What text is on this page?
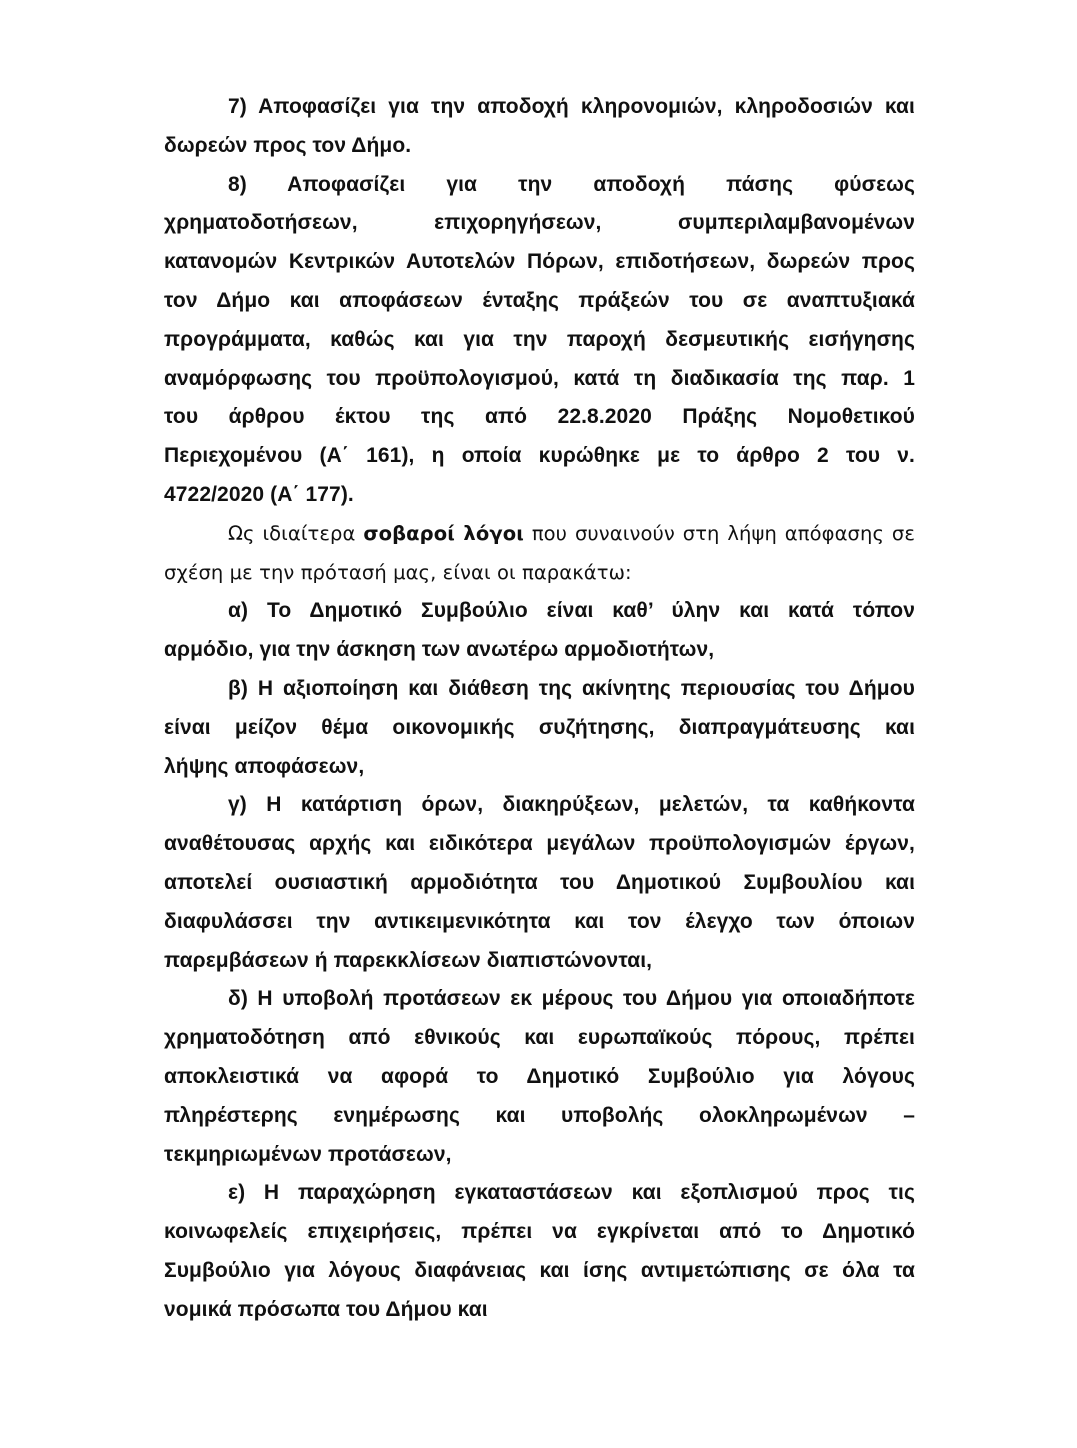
7) Αποφασίζει για την αποδοχή κληρονομιών, κληροδοσιών και
δωρεών προς τον Δήμο.
8) Αποφασίζει για την αποδοχή πάσης φύσεως
χρηματοδοτήσεων, επιχορηγήσεων, συμπεριλαμβανομένων
κατανομών Κεντρικών Αυτοτελών Πόρων, επιδοτήσεων, δωρεών προς
τον Δήμο και αποφάσεων ένταξης πράξεών του σε αναπτυξιακά
προγράμματα, καθώς και για την παροχή δεσμευτικής εισήγησης
αναμόρφωσης του προϋπολογισμού, κατά τη διαδικασία της παρ. 1
του άρθρου έκτου της από 22.8.2020 Πράξης Νομοθετικού
Περιεχομένου (Α΄ 161), η οποία κυρώθηκε με το άρθρο 2 του ν.
4722/2020 (Α΄ 177).
Ως ιδιαίτερα σοβαροί λόγοι που συναινούν στη λήψη απόφασης σε
σχέση με την πρότασή μας, είναι οι παρακάτω:
α) Το Δημοτικό Συμβούλιο είναι καθ’ ύλην και κατά τόπον
αρμόδιο, για την άσκηση των ανωτέρω αρμοδιοτήτων,
β) Η αξιοποίηση και διάθεση της ακίνητης περιουσίας του Δήμου
είναι μείζον θέμα οικονομικής συζήτησης, διαπραγμάτευσης και
λήψης αποφάσεων,
γ) Η κατάρτιση όρων, διακηρύξεων, μελετών, τα καθήκοντα
αναθέτουσας αρχής και ειδικότερα μεγάλων προϋπολογισμών έργων,
αποτελεί ουσιαστική αρμοδιότητα του Δημοτικού Συμβουλίου και
διαφυλάσσει την αντικειμενικότητα και τον έλεγχο των όποιων
παρεμβάσεων ή παρεκκλίσεων διαπιστώνονται,
δ) Η υποβολή προτάσεων εκ μέρους του Δήμου για οποιαδήποτε
χρηματοδότηση από εθνικούς και ευρωπαϊκούς πόρους, πρέπει
αποκλειστικά να αφορά το Δημοτικό Συμβούλιο για λόγους
πληρέστερης ενημέρωσης και υποβολής ολοκληρωμένων –
τεκμηριωμένων προτάσεων,
ε) Η παραχώρηση εγκαταστάσεων και εξοπλισμού προς τις
κοινωφελείς επιχειρήσεις, πρέπει να εγκρίνεται από το Δημοτικό
Συμβούλιο για λόγους διαφάνειας και ίσης αντιμετώπισης σε όλα τα
νομικά πρόσωπα του Δήμου και
